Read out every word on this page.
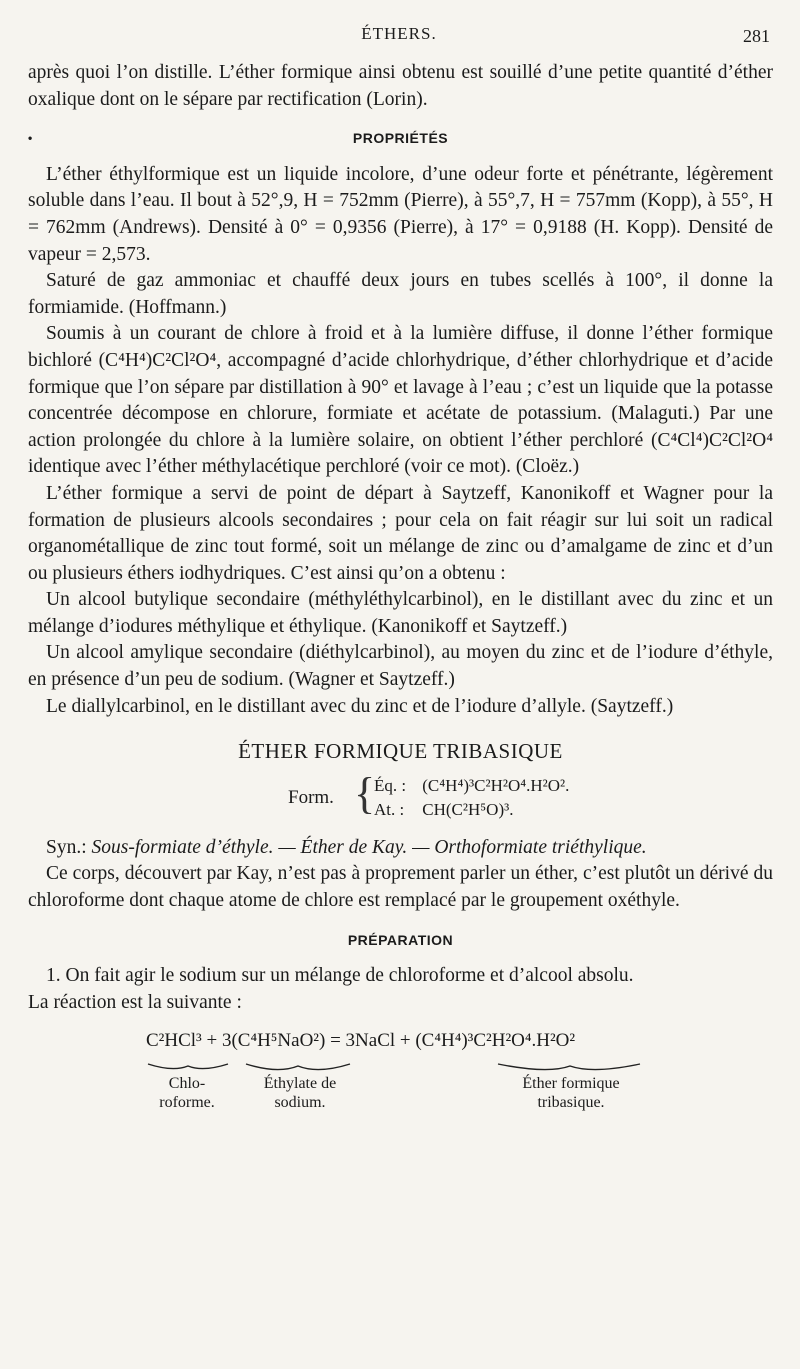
ÉTHERS.	281

après quoi l’on distille. L’éther formique ainsi obtenu est souillé d’une petite quantité d’éther oxalique dont on le sépare par rectification (Lorin).

•	PROPRIÉTÉS

L’éther éthylformique est un liquide incolore, d’une odeur forte et pénétrante, légèrement soluble dans l’eau. Il bout à 52°,9, H = 752mm (Pierre), à 55°,7, H = 757mm (Kopp), à 55°, H = 762mm (Andrews). Densité à 0° = 0,9356 (Pierre), à 17° = 0,9188 (H. Kopp). Densité de vapeur = 2,573.

Saturé de gaz ammoniac et chauffé deux jours en tubes scellés à 100°, il donne la formiamide. (Hoffmann.)

Soumis à un courant de chlore à froid et à la lumière diffuse, il donne l’éther formique bichloré (C⁴H⁴)C²Cl²O⁴, accompagné d’acide chlorhydrique, d’éther chlorhydrique et d’acide formique que l’on sépare par distillation à 90° et lavage à l’eau ; c’est un liquide que la potasse concentrée décompose en chlorure, formiate et acétate de potassium. (Malaguti.) Par une action prolongée du chlore à la lumière solaire, on obtient l’éther perchloré (C⁴Cl⁴)C²Cl²O⁴ identique avec l’éther méthylacétique perchloré (voir ce mot). (Cloëz.)

L’éther formique a servi de point de départ à Saytzeff, Kanonikoff et Wagner pour la formation de plusieurs alcools secondaires ; pour cela on fait réagir sur lui soit un radical organométallique de zinc tout formé, soit un mélange de zinc ou d’amalgame de zinc et d’un ou plusieurs éthers iodhydriques. C’est ainsi qu’on a obtenu :

Un alcool butylique secondaire (méthyléthylcarbinol), en le distillant avec du zinc et un mélange d’iodures méthylique et éthylique. (Kanonikoff et Saytzeff.)

Un alcool amylique secondaire (diéthylcarbinol), au moyen du zinc et de l’iodure d’éthyle, en présence d’un peu de sodium. (Wagner et Saytzeff.)

Le diallylcarbinol, en le distillant avec du zinc et de l’iodure d’allyle. (Saytzeff.)

ÉTHER FORMIQUE TRIBASIQUE
Form. {
Éq. : (C⁴H⁴)³C²H²O⁴.H²O².
At. : CH(C²H⁵O)³.

Syn.: Sous-formiate d’éthyle. — Éther de Kay. — Orthoformiate triéthylique.

Ce corps, découvert par Kay, n’est pas à proprement parler un éther, c’est plutôt un dérivé du chloroforme dont chaque atome de chlore est remplacé par le groupement oxéthyle.

PRÉPARATION

1. On fait agir le sodium sur un mélange de chloroforme et d’alcool absolu.

La réaction est la suivante :

C²HCl³ + 3(C⁴H⁵NaO²) = 3NaCl + (C⁴H⁴)³C²H²O⁴.H²O²
Chlo-
roforme.
Éthylate de
sodium.
Éther formique
tribasique.
